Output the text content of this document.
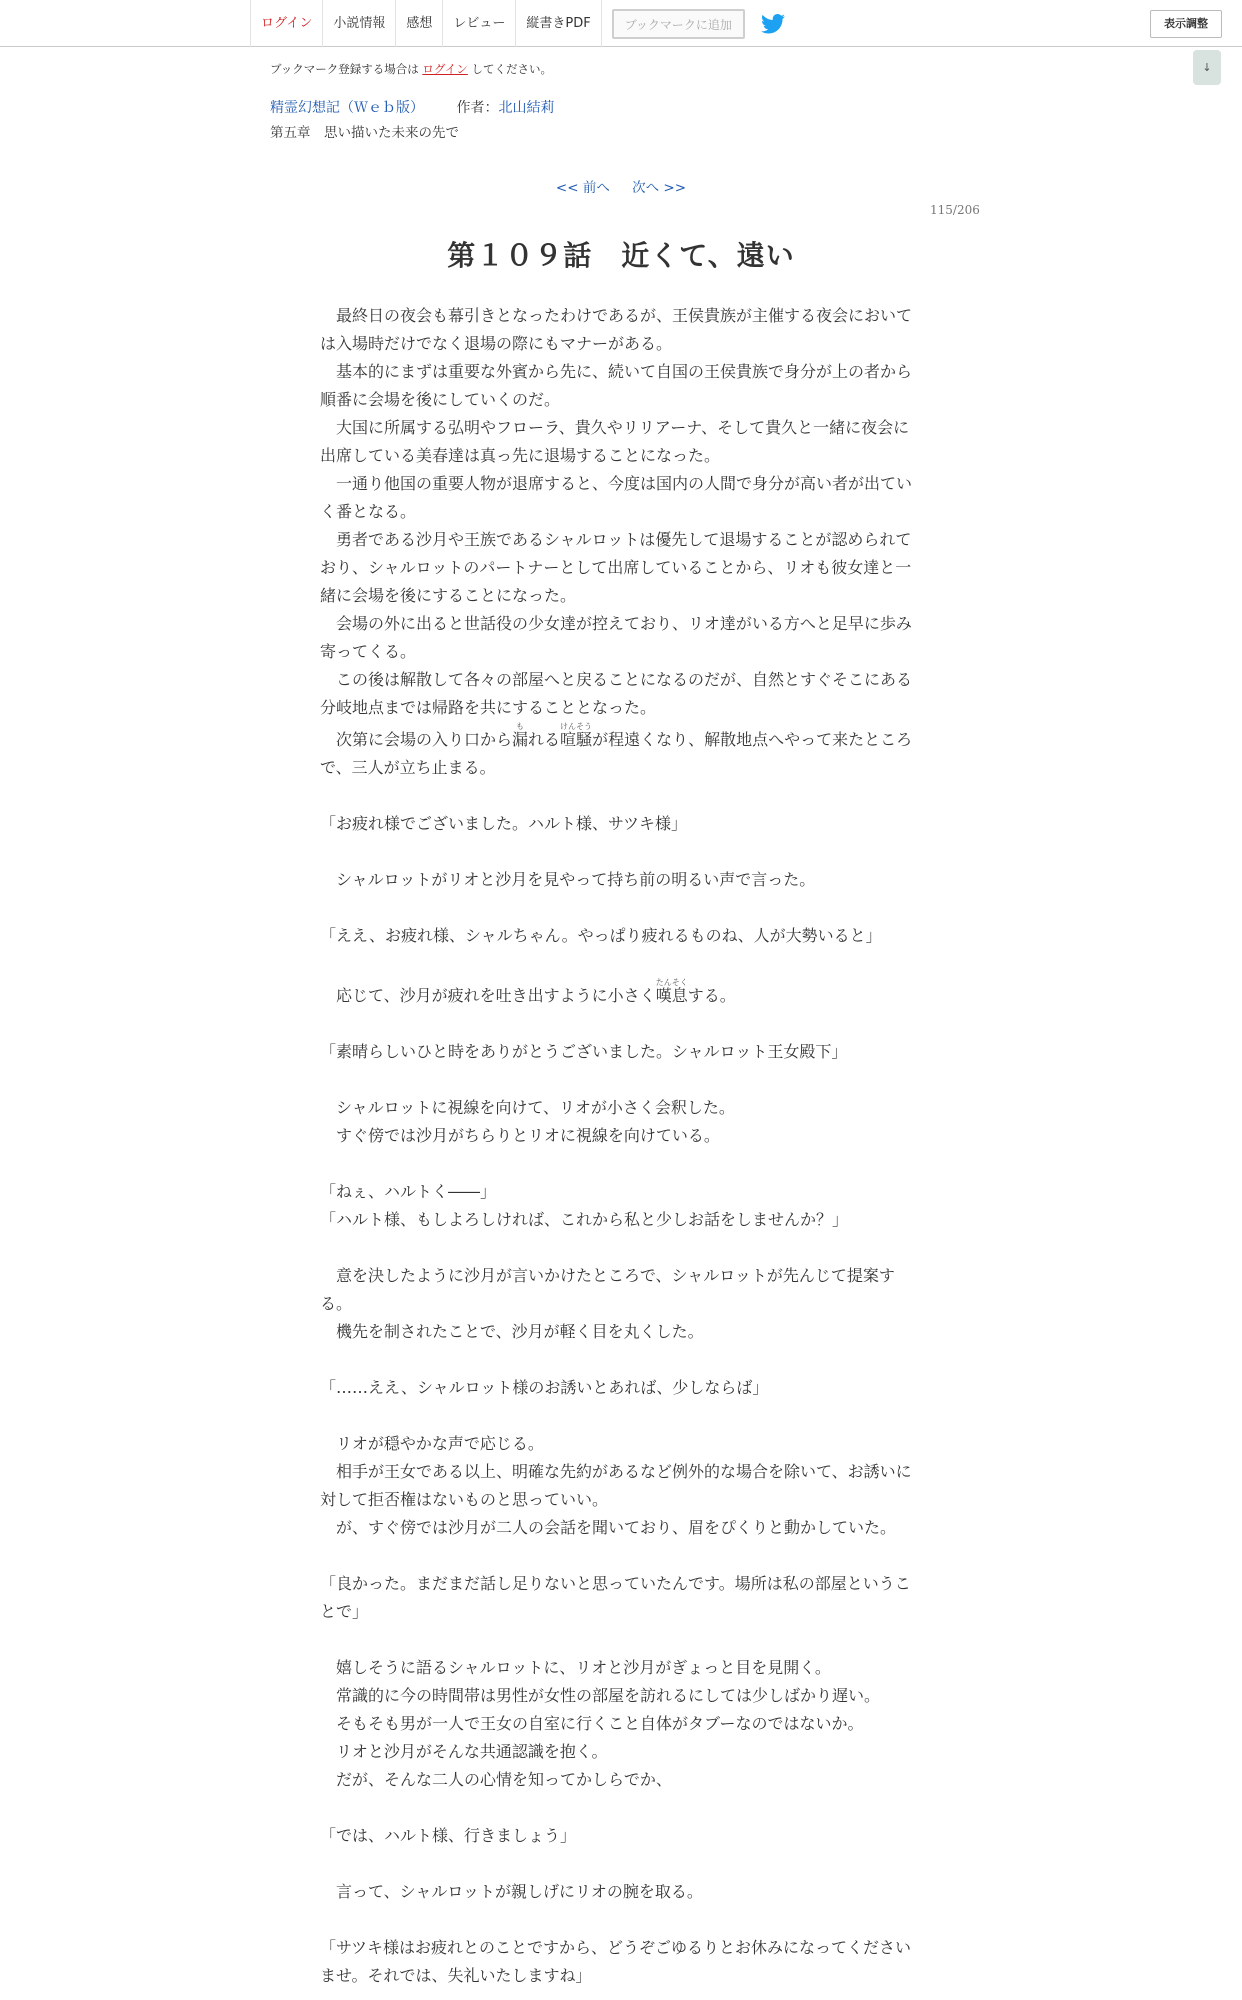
ログイン	小説情報	感想	レビュー	縦書きPDF	ブックマークに追加	表示調整
↓
ブックマーク登録する場合は ログイン してください。
精霊幻想記（Ｗｅｂ版） 作者：北山結莉
第五章　思い描いた未来の先で
<< 前へ 次へ >>
115/206
第１０９話　近くて、遠い

　最終日の夜会も幕引きとなったわけであるが、王侯貴族が主催する夜会においては入場時だけでなく退場の際にもマナーがある。

　基本的にまずは重要な外賓から先に、続いて自国の王侯貴族で身分が上の者から順番に会場を後にしていくのだ。

　大国に所属する弘明やフローラ、貴久やリリアーナ、そして貴久と一緒に夜会に出席している美春達は真っ先に退場することになった。

　一通り他国の重要人物が退席すると、今度は国内の人間で身分が高い者が出ていく番となる。

　勇者である沙月や王族であるシャルロットは優先して退場することが認められており、シャルロットのパートナーとして出席していることから、リオも彼女達と一緒に会場を後にすることになった。

　会場の外に出ると世話役の少女達が控えており、リオ達がいる方へと足早に歩み寄ってくる。

　この後は解散して各々の部屋へと戻ることになるのだが、自然とすぐそこにある分岐地点までは帰路を共にすることとなった。

　次第に会場の入り口から漏もれる喧騒けんそうが程遠くなり、解散地点へやって来たところで、三人が立ち止まる。

「お疲れ様でございました。ハルト様、サツキ様」

　シャルロットがリオと沙月を見やって持ち前の明るい声で言った。

「ええ、お疲れ様、シャルちゃん。やっぱり疲れるものね、人が大勢いると」

　応じて、沙月が疲れを吐き出すように小さく嘆息たんそくする。

「素晴らしいひと時をありがとうございました。シャルロット王女殿下」

　シャルロットに視線を向けて、リオが小さく会釈した。

　すぐ傍では沙月がちらりとリオに視線を向けている。

「ねぇ、ハルトく――」

「ハルト様、もしよろしければ、これから私と少しお話をしませんか？」

　意を決したように沙月が言いかけたところで、シャルロットが先んじて提案する。

　機先を制されたことで、沙月が軽く目を丸くした。

「……ええ、シャルロット様のお誘いとあれば、少しならば」

　リオが穏やかな声で応じる。

　相手が王女である以上、明確な先約があるなど例外的な場合を除いて、お誘いに対して拒否権はないものと思っていい。

　が、すぐ傍では沙月が二人の会話を聞いており、眉をぴくりと動かしていた。

「良かった。まだまだ話し足りないと思っていたんです。場所は私の部屋ということで」

　嬉しそうに語るシャルロットに、リオと沙月がぎょっと目を見開く。

　常識的に今の時間帯は男性が女性の部屋を訪れるにしては少しばかり遅い。

　そもそも男が一人で王女の自室に行くこと自体がタブーなのではないか。

　リオと沙月がそんな共通認識を抱く。

　だが、そんな二人の心情を知ってかしらでか、

「では、ハルト様、行きましょう」

　言って、シャルロットが親しげにリオの腕を取る。

「サツキ様はお疲れとのことですから、どうぞごゆるりとお休みになってくださいませ。それでは、失礼いたしますね」
